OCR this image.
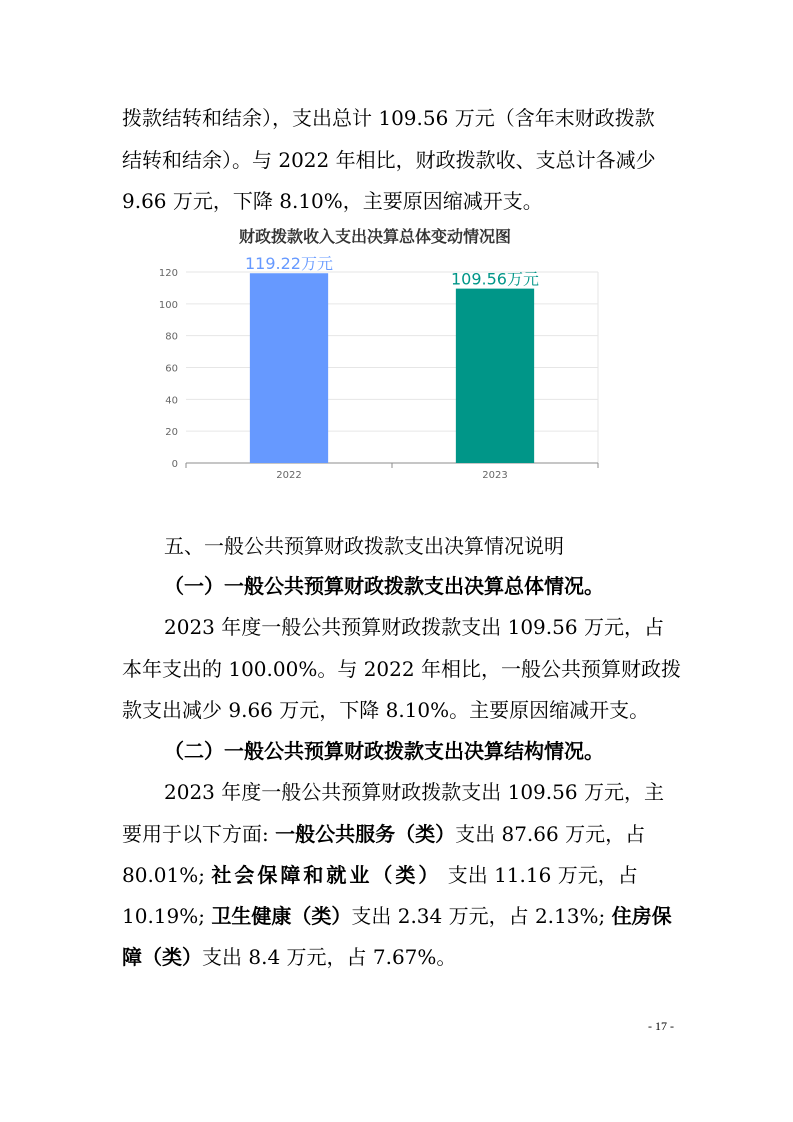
拨款结转和结余），支出总计 109.56 万元（含年末财政拨款

结转和结余）。与 2022 年相比，财政拨款收、支总计各减少

9.66 万元，下降 8.10%，主要原因缩减开支。

财政拨款收入支出决算总体变动情况图
0
20
40
60
80
100
120
2022	2023
119.22万元
109.56万元

五、一般公共预算财政拨款支出决算情况说明

（一）一般公共预算财政拨款支出决算总体情况。

2023 年度一般公共预算财政拨款支出 109.56 万元，占

本年支出的 100.00%。与 2022 年相比，一般公共预算财政拨

款支出减少 9.66 万元，下降 8.10%。主要原因缩减开支。

（二）一般公共预算财政拨款支出决算结构情况。

2023 年度一般公共预算财政拨款支出 109.56 万元，主

要用于以下方面: 一般公共服务（类）支出 87.66 万元，占

80.01%; 社会保障和就业（类） 支出 11.16 万元，占

10.19%; 卫生健康（类）支出 2.34 万元，占 2.13%; 住房保

障（类）支出 8.4 万元，占 7.67%。

- 17 -
